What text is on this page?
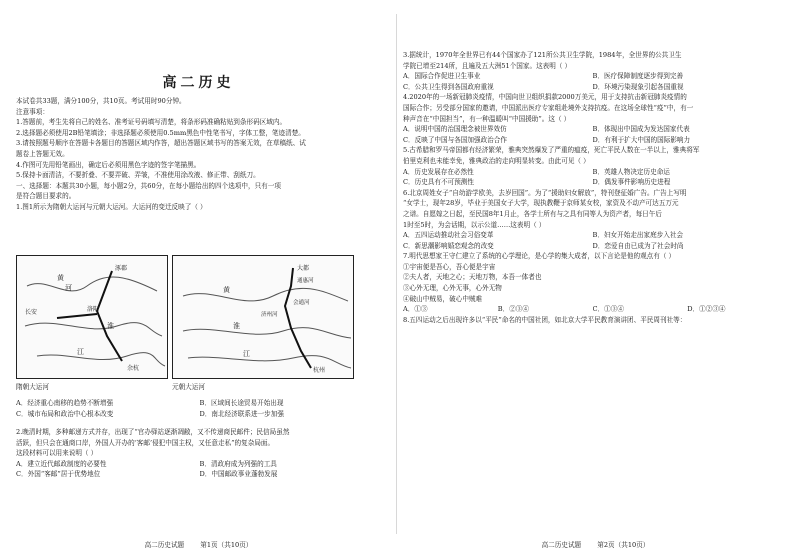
高二历史
本试卷共33题，满分100分，共10页。考试用时90分钟。
注意事项：
1.答题前，考生先将自己的姓名、准考证号码填写清楚，将条形码准确粘贴到条形码区域内。
2.选择题必须使用2B铅笔填涂；非选择题必须使用0.5mm黑色中性笔书写，字体工整，笔迹清楚。
3.请按照题号顺序在答题卡各题目的答题区域内作答，超出答题区域书写的答案无效，在草稿纸、试
题卷上答题无效。
4.作图可先用铅笔画出，确定后必须用黑色字迹的签字笔描黑。
5.保持卡面清洁，不要折叠、不要弄破、弄皱，不准使用涂改液、修正带、刮纸刀。
一、选择题：本题共30小题，每小题2分，共60分，在每小题给出的四个选项中，只有一项
是符合题目要求的。
1.图1所示为隋朝大运河与元朝大运河。大运河的变迁反映了（ ）
黄
河
涿郡
洛阳
长安
淮
江
余杭
大都
通惠河
会通河
济州河
黄
淮
江
杭州
隋朝大运河	元朝大运河
A．经济重心南移的趋势不断增强	B．区域间长途贸易开始出现
C．城市布局和政治中心根本改变	D．南北经济联系进一步加强
2.晚清时期，多种邮递方式并存，出现了“官办驿站逐渐凋敝，又不传递商民邮件；民信局虽然
活跃，但只会在通商口岸，外国人开办的‘客邮’侵犯中国主权，又任意走私”的复杂局面。
这段材料可以用来说明（ ）
A．建立近代邮政制度的必要性	B．清政府成为列强的工具
C．外国“客邮”居于优势地位	D．中国邮政事业蓬勃发展
高二历史试题 第1页（共10页）
3.据统计，1970年全世界已有44个国家办了121所公共卫生学院，1984年，全世界的公共卫生
学院已增至214所，且遍及五大洲51个国家。这表明（ ）
A．国际合作促进卫生事业	B．医疗保障制度逐步得到完善
C．公共卫生得到各国政府重视	D．环境污染现象引起各国重视
4.2020年的一场新冠肺炎疫情，中国向世卫组织捐款2000万美元，用于支持抗击新冠肺炎疫情的
国际合作；另受部分国家的邀请，中国派出医疗专家组赴境外支持抗疫。在这场全球性“疫”中，有一
种声音在“中国担当”，有一种温暖叫“中国援助”。这（ ）
A．说明中国的治国理念被世界效仿	B．体现出中国成为发达国家代表
C．反映了中国与各国加强政治合作	D．有利于扩大中国的国际影响力
5.古希腊和罗马帝国都有经济繁荣，雅典突然爆发了严重的瘟疫，死亡平民人数在一半以上，雅典将军
伯里克利也未能幸免，雅典政治的走向明显转变。由此可见（ ）
A．历史发展存在必然性	B．英雄人物决定历史命运
C．历史具有不可预测性	D．偶发事件影响历史进程
6.北京周姓女子“自幼游学欧美，去岁回国”。为了“援助妇女解放”，特刊登征婚广告。广告上写明
“女学士，现年28岁，毕业于美国女子大学，现执教鞭于京师某女校，家资及不动产可达五万元
之谱。自愿嫁之日起，至民国8年1月止，各学士所有与之具有同等人为资产者，每日午后
1时至5时，为会话期，以示公道……这表明（ ）
A．五四运动推动社会习俗变革	B．妇女开始走出家庭步入社会
C．新思潮影响婚恋观念的改变	D．恋爱自由已成为了社会时尚
7.明代思想家王守仁建立了系统的心学理论，是心学的集大成者，以下言论是他的观点有（ ）
①宇宙便是吾心，吾心便是宇宙
②夫人者，天地之心；天地万物，本吾一体者也
③心外无理，心外无事，心外无物
④破山中贼易，破心中贼难
A．①③	B．②③④	C．①③④	D．①②③④
8.五四运动之后出现许多以“平民”命名的中国社团，如北京大学平民教育演讲团、平民周刊社等：
高二历史试题 第2页（共10页）
